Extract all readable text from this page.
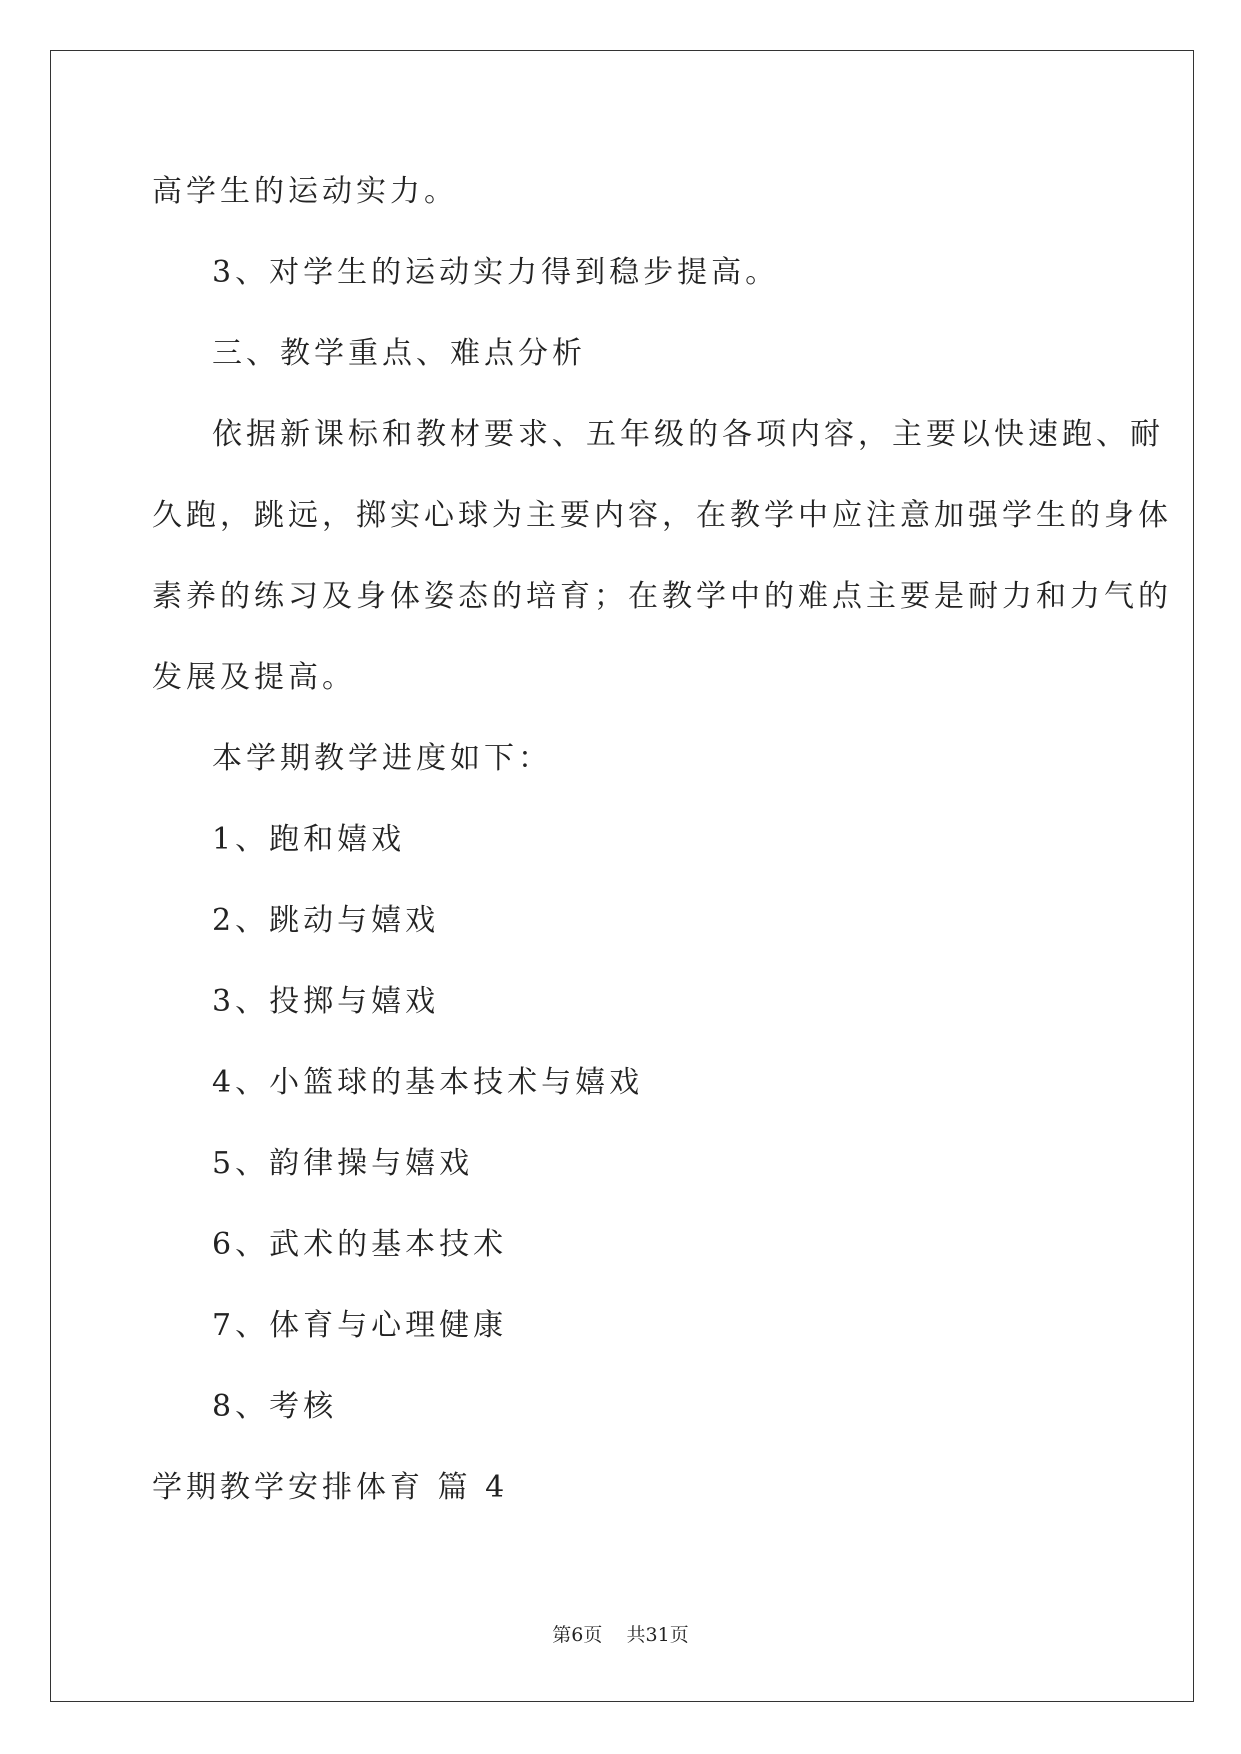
高学生的运动实力。
3、对学生的运动实力得到稳步提高。
三、教学重点、难点分析
依据新课标和教材要求、五年级的各项内容，主要以快速跑、耐
久跑，跳远，掷实心球为主要内容，在教学中应注意加强学生的身体
素养的练习及身体姿态的培育；在教学中的难点主要是耐力和力气的
发展及提高。
本学期教学进度如下：
1、跑和嬉戏
2、跳动与嬉戏
3、投掷与嬉戏
4、小篮球的基本技术与嬉戏
5、韵律操与嬉戏
6、武术的基本技术
7、体育与心理健康
8、考核
学期教学安排体育 篇 4
第6页    共31页
